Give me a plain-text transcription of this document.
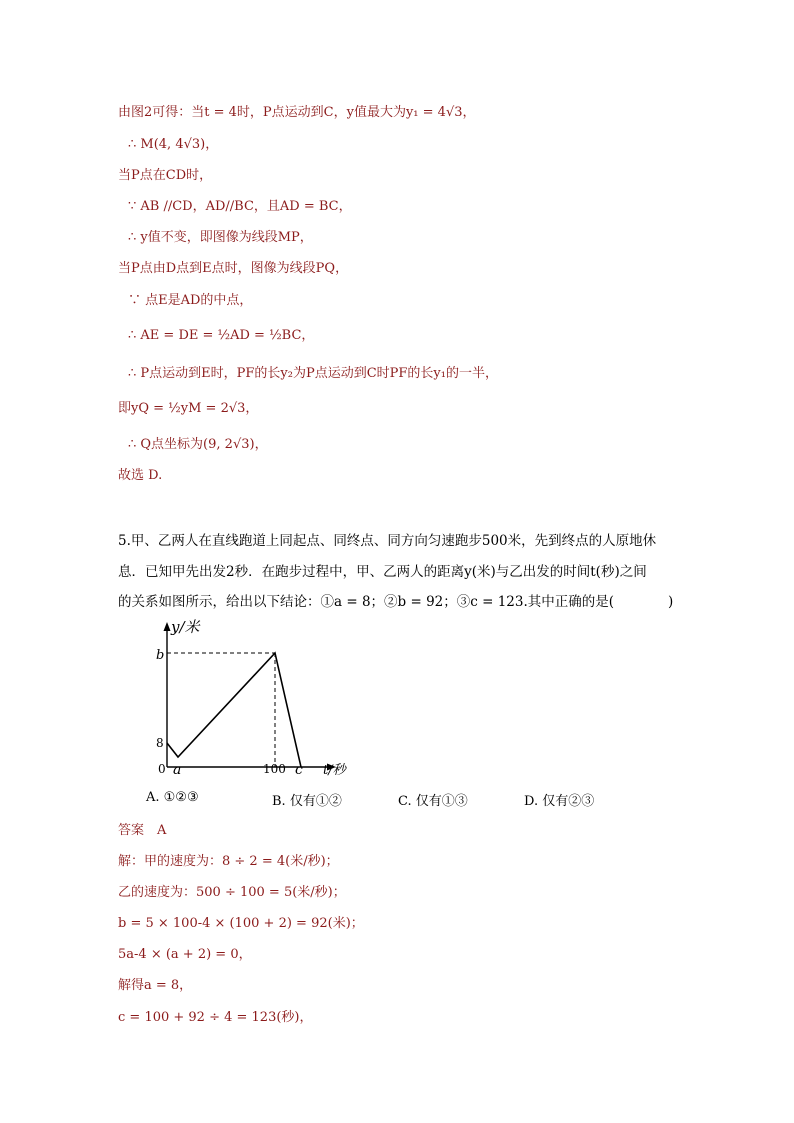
由图2可得：当t = 4时，P点运动到C，y值最大为y₁ = 4√3，
∴ M(4, 4√3)，
当P点在CD时，
∵ AB //CD，AD//BC，且AD = BC，
∴ y值不变，即图像为线段MP，
当P点由D点到E点时，图像为线段PQ，
∵ 点E是AD的中点，
∴ AE = DE = ½AD = ½BC，
∴ P点运动到E时，PF的长y₂为P点运动到C时PF的长y₁的一半，
即yQ = ½yM = 2√3，
∴ Q点坐标为(9, 2√3)，
故选 D.
5.甲、乙两人在直线跑道上同起点、同终点、同方向匀速跑步500米，先到终点的人原地休
息．已知甲先出发2秒．在跑步过程中，甲、乙两人的距离y(米)与乙出发的时间t(秒)之间
的关系如图所示，给出以下结论：①a = 8；②b = 92；③c = 123.其中正确的是(　　　　)
y/米
b
8
0 a	100 c t/秒
A. ①②③	B. 仅有①②	C. 仅有①③	D. 仅有②③
答案　A
解：甲的速度为：8 ÷ 2 = 4(米/秒)；
乙的速度为：500 ÷ 100 = 5(米/秒)；
b = 5 × 100-4 × (100 + 2) = 92(米)；
5a-4 × (a + 2) = 0，
解得a = 8，
c = 100 + 92 ÷ 4 = 123(秒)，
